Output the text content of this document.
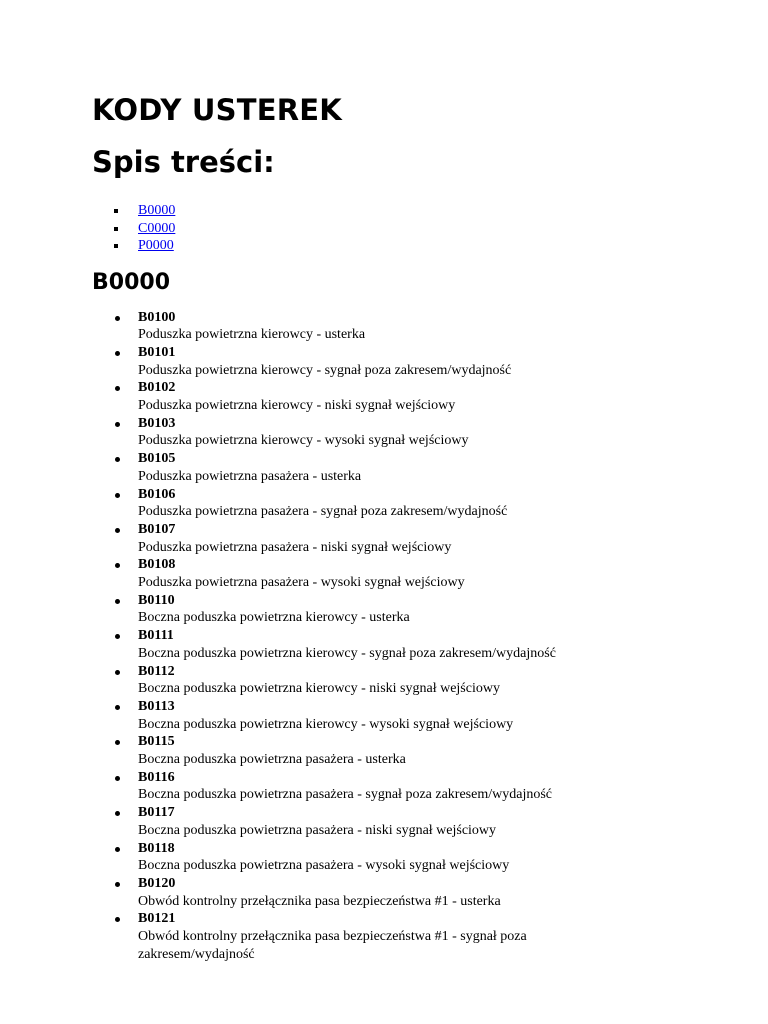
KODY USTEREK
Spis treści:
B0000
C0000
P0000
B0000
B0100
Poduszka powietrzna kierowcy - usterka
B0101
Poduszka powietrzna kierowcy - sygnał poza zakresem/wydajność
B0102
Poduszka powietrzna kierowcy - niski sygnał wejściowy
B0103
Poduszka powietrzna kierowcy - wysoki sygnał wejściowy
B0105
Poduszka powietrzna pasażera - usterka
B0106
Poduszka powietrzna pasażera - sygnał poza zakresem/wydajność
B0107
Poduszka powietrzna pasażera - niski sygnał wejściowy
B0108
Poduszka powietrzna pasażera - wysoki sygnał wejściowy
B0110
Boczna poduszka powietrzna kierowcy - usterka
B0111
Boczna poduszka powietrzna kierowcy - sygnał poza zakresem/wydajność
B0112
Boczna poduszka powietrzna kierowcy - niski sygnał wejściowy
B0113
Boczna poduszka powietrzna kierowcy - wysoki sygnał wejściowy
B0115
Boczna poduszka powietrzna pasażera - usterka
B0116
Boczna poduszka powietrzna pasażera - sygnał poza zakresem/wydajność
B0117
Boczna poduszka powietrzna pasażera - niski sygnał wejściowy
B0118
Boczna poduszka powietrzna pasażera - wysoki sygnał wejściowy
B0120
Obwód kontrolny przełącznika pasa bezpieczeństwa #1 - usterka
B0121
Obwód kontrolny przełącznika pasa bezpieczeństwa #1 - sygnał poza zakresem/wydajność
